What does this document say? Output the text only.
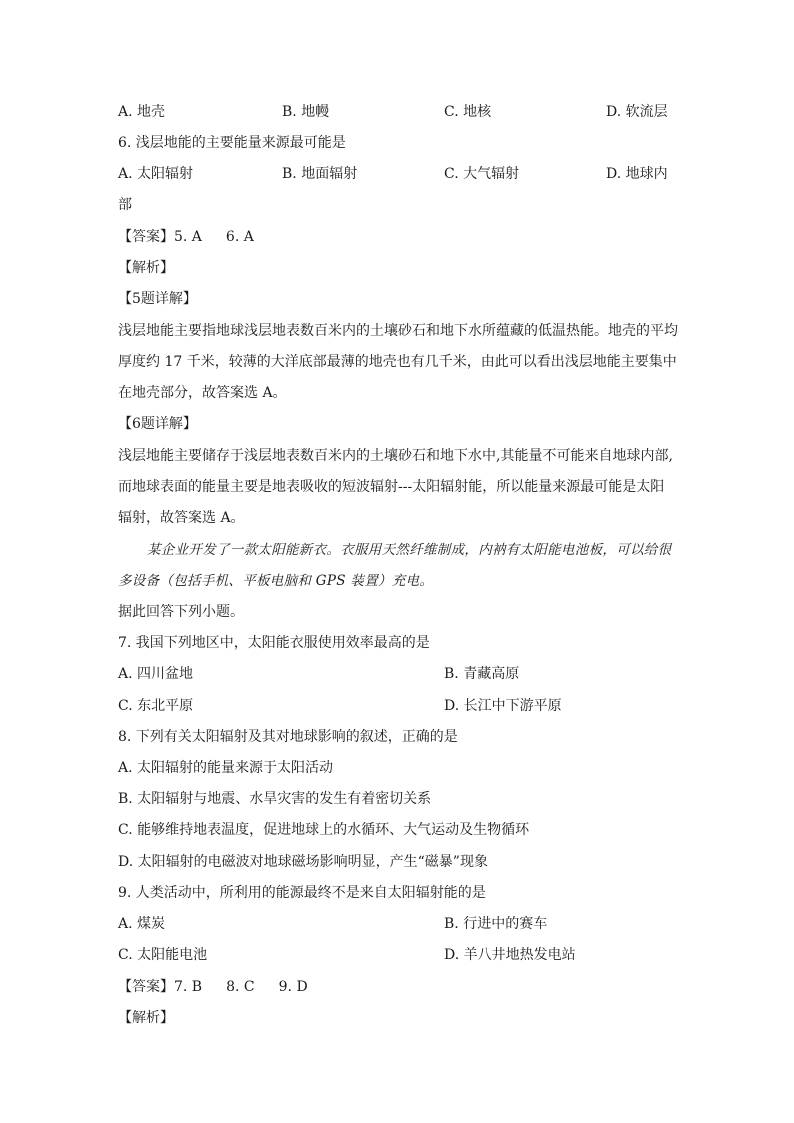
A. 地壳	B. 地幔	C. 地核	D. 软流层
6. 浅层地能的主要能量来源最可能是
A. 太阳辐射	B. 地面辐射	C. 大气辐射	D. 地球内
部
【答案】5. A 6. A
【解析】
【5题详解】
浅层地能主要指地球浅层地表数百米内的土壤砂石和地下水所蕴藏的低温热能。地壳的平均
厚度约 17 千米，较薄的大洋底部最薄的地壳也有几千米，由此可以看出浅层地能主要集中
在地壳部分，故答案选 A。
【6题详解】
浅层地能主要储存于浅层地表数百米内的土壤砂石和地下水中,其能量不可能来自地球内部,
而地球表面的能量主要是地表吸收的短波辐射---太阳辐射能，所以能量来源最可能是太阳
辐射，故答案选 A。
某企业开发了一款太阳能新衣。衣服用天然纤维制成，内衲有太阳能电池板，可以给很
多设备（包括手机、平板电脑和 GPS 装置）充电。
据此回答下列小题。
7. 我国下列地区中，太阳能衣服使用效率最高的是
A. 四川盆地	B. 青藏高原
C. 东北平原	D. 长江中下游平原
8. 下列有关太阳辐射及其对地球影响的叙述，正确的是
A. 太阳辐射的能量来源于太阳活动
B. 太阳辐射与地震、水旱灾害的发生有着密切关系
C. 能够维持地表温度，促进地球上的水循环、大气运动及生物循环
D. 太阳辐射的电磁波对地球磁场影响明显，产生“磁暴”现象
9. 人类活动中，所利用的能源最终不是来自太阳辐射能的是
A. 煤炭	B. 行进中的赛车
C. 太阳能电池	D. 羊八井地热发电站
【答案】7. B 8. C 9. D
【解析】
